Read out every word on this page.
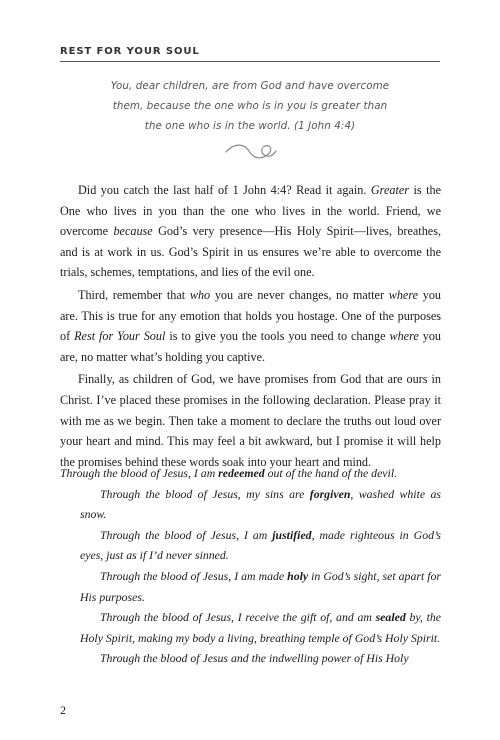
REST FOR YOUR SOUL
You, dear children, are from God and have overcome
them, because the one who is in you is greater than
the one who is in the world. (1 John 4:4)

Did you catch the last half of 1 John 4:4? Read it again. Greater is the One who lives in you than the one who lives in the world. Friend, we overcome because God’s very presence—His Holy Spirit—lives, breathes, and is at work in us. God’s Spirit in us ensures we’re able to overcome the trials, schemes, temptations, and lies of the evil one.

Third, remember that who you are never changes, no matter where you are. This is true for any emotion that holds you hostage. One of the purposes of Rest for Your Soul is to give you the tools you need to change where you are, no matter what’s holding you captive.

Finally, as children of God, we have promises from God that are ours in Christ. I’ve placed these promises in the following declaration. Please pray it with me as we begin. Then take a moment to declare the truths out loud over your heart and mind. This may feel a bit awkward, but I promise it will help the promises behind these words soak into your heart and mind.

Through the blood of Jesus, I am redeemed out of the hand of the devil.

Through the blood of Jesus, my sins are forgiven, washed white as snow.

Through the blood of Jesus, I am justified, made righteous in God’s eyes, just as if I’d never sinned.

Through the blood of Jesus, I am made holy in God’s sight, set apart for His purposes.

Through the blood of Jesus, I receive the gift of, and am sealed by, the Holy Spirit, making my body a living, breathing temple of God’s Holy Spirit.

Through the blood of Jesus and the indwelling power of His Holy

2
